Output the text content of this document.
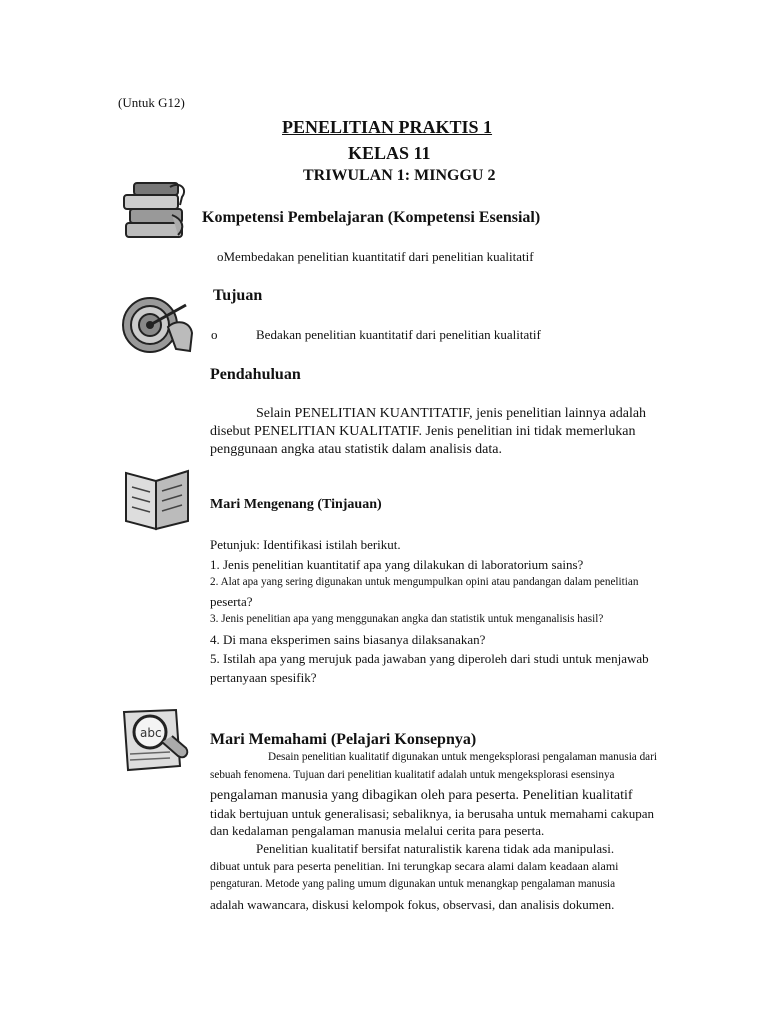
(Untuk G12)
PENELITIAN PRAKTIS 1
KELAS 11
TRIWULAN 1: MINGGU 2
Kompetensi Pembelajaran (Kompetensi Esensial)
oMembedakan penelitian kuantitatif dari penelitian kualitatif
Tujuan
o	Bedakan penelitian kuantitatif dari penelitian kualitatif
Pendahuluan
Selain PENELITIAN KUANTITATIF, jenis penelitian lainnya adalah
disebut PENELITIAN KUALITATIF. Jenis penelitian ini tidak memerlukan
penggunaan angka atau statistik dalam analisis data.
Mari Mengenang (Tinjauan)
Petunjuk: Identifikasi istilah berikut.
1. Jenis penelitian kuantitatif apa yang dilakukan di laboratorium sains?
2. Alat apa yang sering digunakan untuk mengumpulkan opini atau pandangan dalam penelitian
peserta?
3. Jenis penelitian apa yang menggunakan angka dan statistik untuk menganalisis hasil?
4. Di mana eksperimen sains biasanya dilaksanakan?
5. Istilah apa yang merujuk pada jawaban yang diperoleh dari studi untuk menjawab
pertanyaan spesifik?
abc	Mari Memahami (Pelajari Konsepnya)
Desain penelitian kualitatif digunakan untuk mengeksplorasi pengalaman manusia dari
sebuah fenomena. Tujuan dari penelitian kualitatif adalah untuk mengeksplorasi esensinya
pengalaman manusia yang dibagikan oleh para peserta. Penelitian kualitatif
tidak bertujuan untuk generalisasi; sebaliknya, ia berusaha untuk memahami cakupan
dan kedalaman pengalaman manusia melalui cerita para peserta.
Penelitian kualitatif bersifat naturalistik karena tidak ada manipulasi.
dibuat untuk para peserta penelitian. Ini terungkap secara alami dalam keadaan alami
pengaturan. Metode yang paling umum digunakan untuk menangkap pengalaman manusia
adalah wawancara, diskusi kelompok fokus, observasi, dan analisis dokumen.
